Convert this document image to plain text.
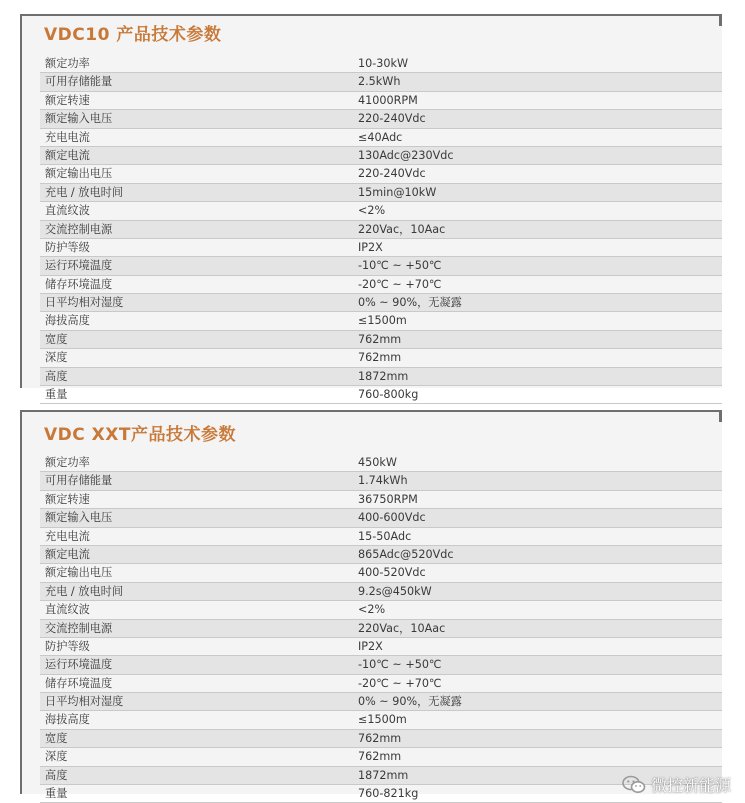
VDC10 产品技术参数
额定功率	10-30kW
可用存储能量	2.5kWh
额定转速	41000RPM
额定输入电压	220-240Vdc
充电电流	≤40Adc
额定电流	130Adc@230Vdc
额定输出电压	220-240Vdc
充电 / 放电时间	15min@10kW
直流纹波	<2%
交流控制电源	220Vac，10Aac
防护等级	IP2X
运行环境温度	-10℃ ~ +50℃
储存环境温度	-20℃ ~ +70℃
日平均相对湿度	0% ~ 90%，无凝露
海拔高度	≤1500m
宽度	762mm
深度	762mm
高度	1872mm
重量	760-800kg
VDC XXT产品技术参数
额定功率	450kW
可用存储能量	1.74kWh
额定转速	36750RPM
额定输入电压	400-600Vdc
充电电流	15-50Adc
额定电流	865Adc@520Vdc
额定输出电压	400-520Vdc
充电 / 放电时间	9.2s@450kW
直流纹波	<2%
交流控制电源	220Vac，10Aac
防护等级	IP2X
运行环境温度	-10℃ ~ +50℃
储存环境温度	-20℃ ~ +70℃
日平均相对湿度	0% ~ 90%，无凝露
海拔高度	≤1500m
宽度	762mm
深度	762mm
高度	1872mm
重量	760-821kg	微控新能源
